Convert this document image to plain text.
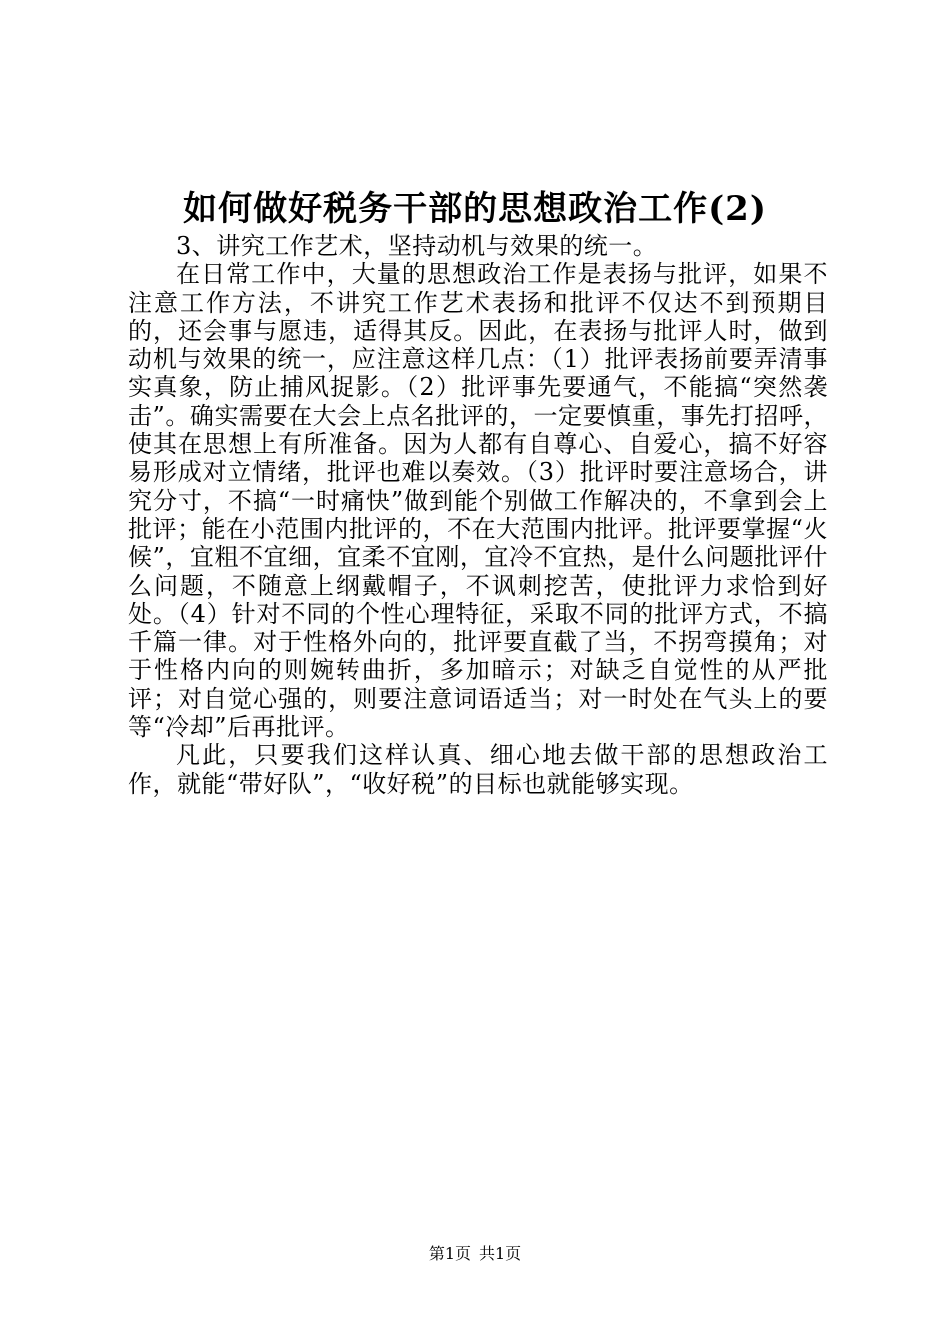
如何做好税务干部的思想政治工作(2)

3、讲究工作艺术，坚持动机与效果的统一。

在日常工作中，大量的思想政治工作是表扬与批评，如果不注意工作方法，不讲究工作艺术表扬和批评不仅达不到预期目的，还会事与愿违，适得其反。因此，在表扬与批评人时，做到动机与效果的统一，应注意这样几点：（1）批评表扬前要弄清事实真象，防止捕风捉影。（2）批评事先要通气，不能搞“突然袭击”。确实需要在大会上点名批评的，一定要慎重，事先打招呼，使其在思想上有所准备。因为人都有自尊心、自爱心，搞不好容易形成对立情绪，批评也难以奏效。（3）批评时要注意场合，讲究分寸，不搞“一时痛快”做到能个别做工作解决的，不拿到会上批评；能在小范围内批评的，不在大范围内批评。批评要掌握“火候”，宜粗不宜细，宜柔不宜刚，宜冷不宜热，是什么问题批评什么问题，不随意上纲戴帽子，不讽刺挖苦，使批评力求恰到好处。（4）针对不同的个性心理特征，采取不同的批评方式，不搞千篇一律。对于性格外向的，批评要直截了当，不拐弯摸角；对于性格内向的则婉转曲折，多加暗示；对缺乏自觉性的从严批评；对自觉心强的，则要注意词语适当；对一时处在气头上的要等“冷却”后再批评。

凡此，只要我们这样认真、细心地去做干部的思想政治工作，就能“带好队”，“收好税”的目标也就能够实现。

第1页 共1页
